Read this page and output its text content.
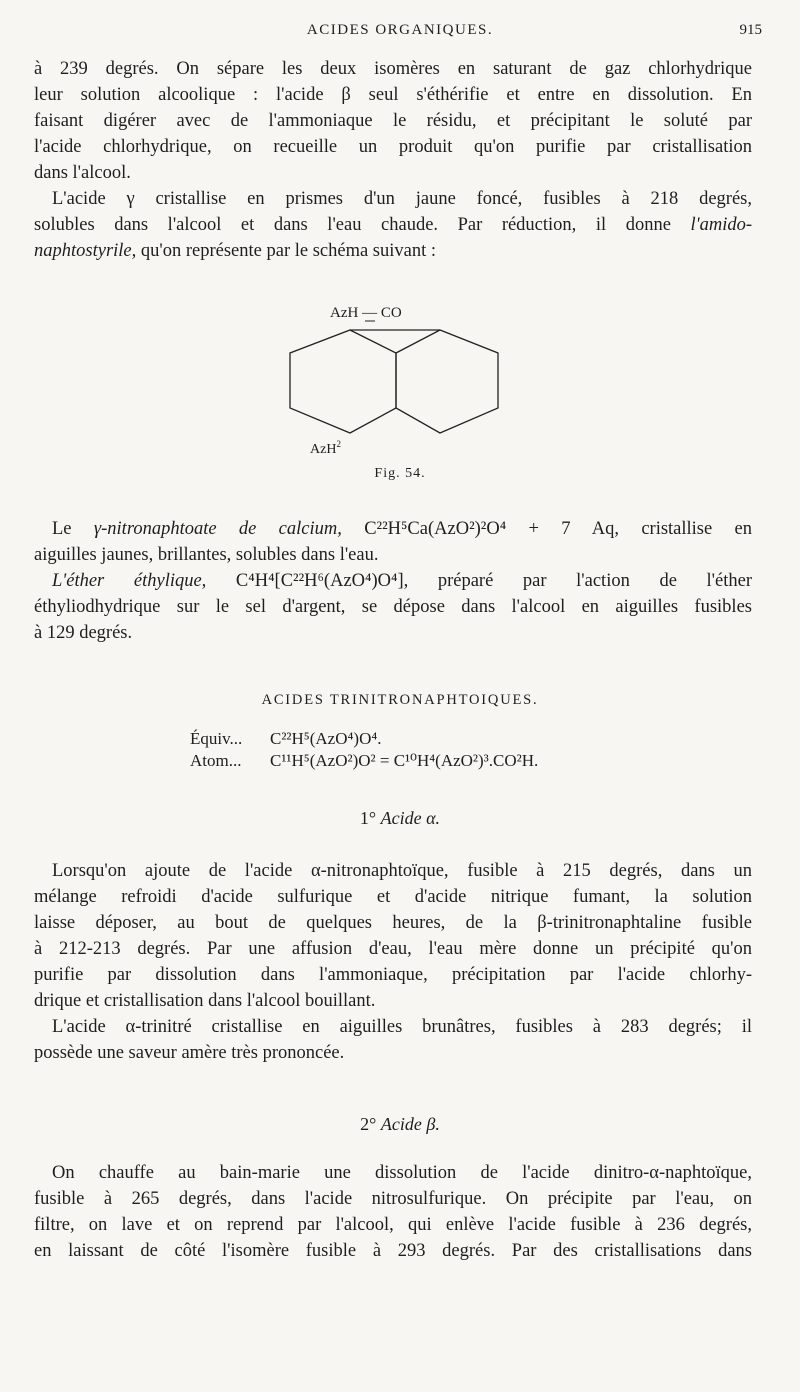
ACIDES ORGANIQUES.	915
à 239 degrés. On sépare les deux isomères en saturant de gaz chlorhydrique
leur solution alcoolique : l'acide β seul s'éthérifie et entre en dissolution. En
faisant digérer avec de l'ammoniaque le résidu, et précipitant le soluté par
l'acide chlorhydrique, on recueille un produit qu'on purifie par cristallisation
dans l'alcool.
L'acide γ cristallise en prismes d'un jaune foncé, fusibles à 218 degrés,
solubles dans l'alcool et dans l'eau chaude. Par réduction, il donne l'amido-
naphtostyrile, qu'on représente par le schéma suivant :
AzH — CO
AzH$^2$
Fig. 54.
Le γ-nitronaphtoate de calcium, C²²H⁵Ca(AzO²)²O⁴ + 7 Aq, cristallise en
aiguilles jaunes, brillantes, solubles dans l'eau.
L'éther éthylique, C⁴H⁴[C²²H⁶(AzO⁴)O⁴], préparé par l'action de l'éther
éthyliodhydrique sur le sel d'argent, se dépose dans l'alcool en aiguilles fusibles
à 129 degrés.
ACIDES TRINITRONAPHTOIQUES.
Équiv... C²²H⁵(AzO⁴)O⁴.
Atom... C¹¹H⁵(AzO²)O² = C¹⁰H⁴(AzO²)³.CO²H.
1° Acide α.
Lorsqu'on ajoute de l'acide α-nitronaphtoïque, fusible à 215 degrés, dans un
mélange refroidi d'acide sulfurique et d'acide nitrique fumant, la solution
laisse déposer, au bout de quelques heures, de la β-trinitronaphtaline fusible
à 212-213 degrés. Par une affusion d'eau, l'eau mère donne un précipité qu'on
purifie par dissolution dans l'ammoniaque, précipitation par l'acide chlorhy-
drique et cristallisation dans l'alcool bouillant.
L'acide α-trinitré cristallise en aiguilles brunâtres, fusibles à 283 degrés; il
possède une saveur amère très prononcée.
2° Acide β.
On chauffe au bain-marie une dissolution de l'acide dinitro-α-naphtoïque,
fusible à 265 degrés, dans l'acide nitrosulfurique. On précipite par l'eau, on
filtre, on lave et on reprend par l'alcool, qui enlève l'acide fusible à 236 degrés,
en laissant de côté l'isomère fusible à 293 degrés. Par des cristallisations dans
